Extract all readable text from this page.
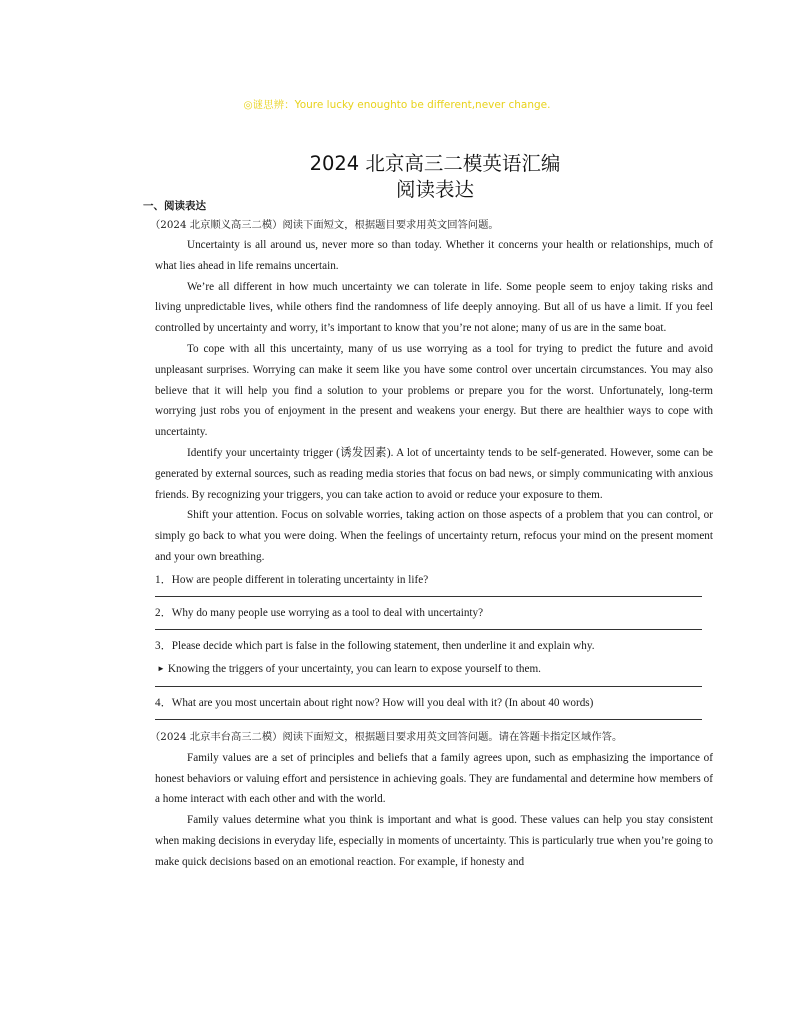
◎谜思辨：Youre lucky enoughto be different,never change.
2024 北京高三二模英语汇编
阅读表达
一、阅读表达
（2024 北京顺义高三二模）阅读下面短文，根据题目要求用英文回答问题。

Uncertainty is all around us, never more so than today. Whether it concerns your health or relationships, much of what lies ahead in life remains uncertain.

We’re all different in how much uncertainty we can tolerate in life. Some people seem to enjoy taking risks and living unpredictable lives, while others find the randomness of life deeply annoying. But all of us have a limit. If you feel controlled by uncertainty and worry, it’s important to know that you’re not alone; many of us are in the same boat.

To cope with all this uncertainty, many of us use worrying as a tool for trying to predict the future and avoid unpleasant surprises. Worrying can make it seem like you have some control over uncertain circumstances. You may also believe that it will help you find a solution to your problems or prepare you for the worst. Unfortunately, long-term worrying just robs you of enjoyment in the present and weakens your energy. But there are healthier ways to cope with uncertainty.

Identify your uncertainty trigger (诱发因素). A lot of uncertainty tends to be self-generated. However, some can be generated by external sources, such as reading media stories that focus on bad news, or simply communicating with anxious friends. By recognizing your triggers, you can take action to avoid or reduce your exposure to them.

Shift your attention. Focus on solvable worries, taking action on those aspects of a problem that you can control, or simply go back to what you were doing. When the feelings of uncertainty return, refocus your mind on the present moment and your own breathing.

1．How are people different in tolerating uncertainty in life?
2．Why do many people use worrying as a tool to deal with uncertainty?
3．Please decide which part is false in the following statement, then underline it and explain why.
► Knowing the triggers of your uncertainty, you can learn to expose yourself to them.
4．What are you most uncertain about right now? How will you deal with it? (In about 40 words)
（2024 北京丰台高三二模）阅读下面短文，根据题目要求用英文回答问题。请在答题卡指定区域作答。

Family values are a set of principles and beliefs that a family agrees upon, such as emphasizing the importance of honest behaviors or valuing effort and persistence in achieving goals. They are fundamental and determine how members of a home interact with each other and with the world.

Family values determine what you think is important and what is good. These values can help you stay consistent when making decisions in everyday life, especially in moments of uncertainty. This is particularly true when you’re going to make quick decisions based on an emotional reaction. For example, if honesty and
